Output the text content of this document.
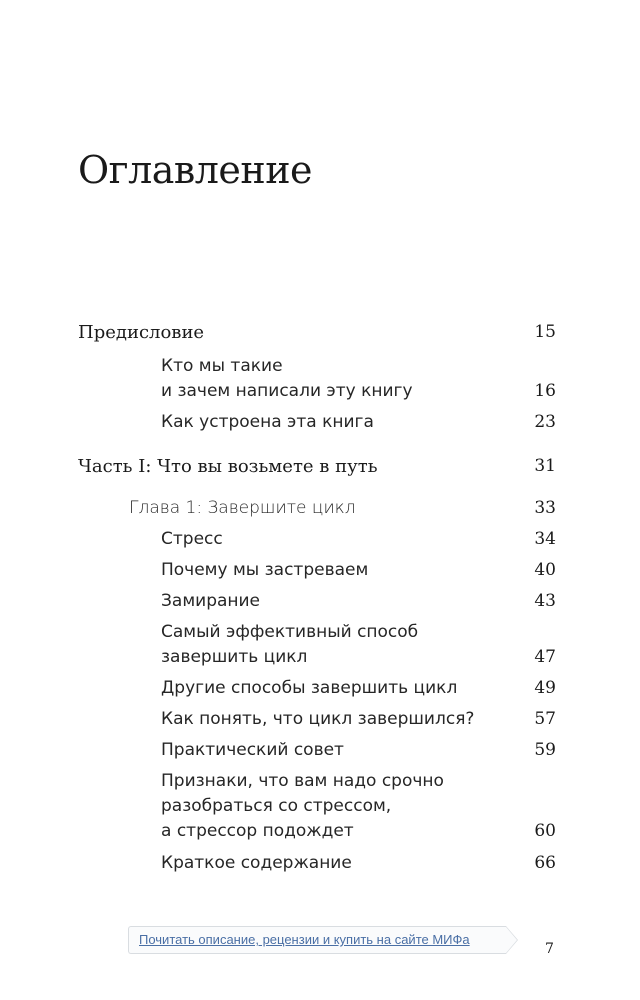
Оглавление
Предисловие	15
Кто мы такие
и зачем написали эту книгу	16
Как устроена эта книга	23
Часть I: Что вы возьмете в путь	31
Глава 1: Завершите цикл	33
Стресс	34
Почему мы застреваем	40
Замирание	43
Самый эффективный способ
завершить цикл	47
Другие способы завершить цикл	49
Как понять, что цикл завершился?	57
Практический совет	59
Признаки, что вам надо срочно
разобраться со стрессом,
а стрессор подождет	60
Краткое содержание	66
Почитать описание, рецензии и купить на сайте МИФа
7
